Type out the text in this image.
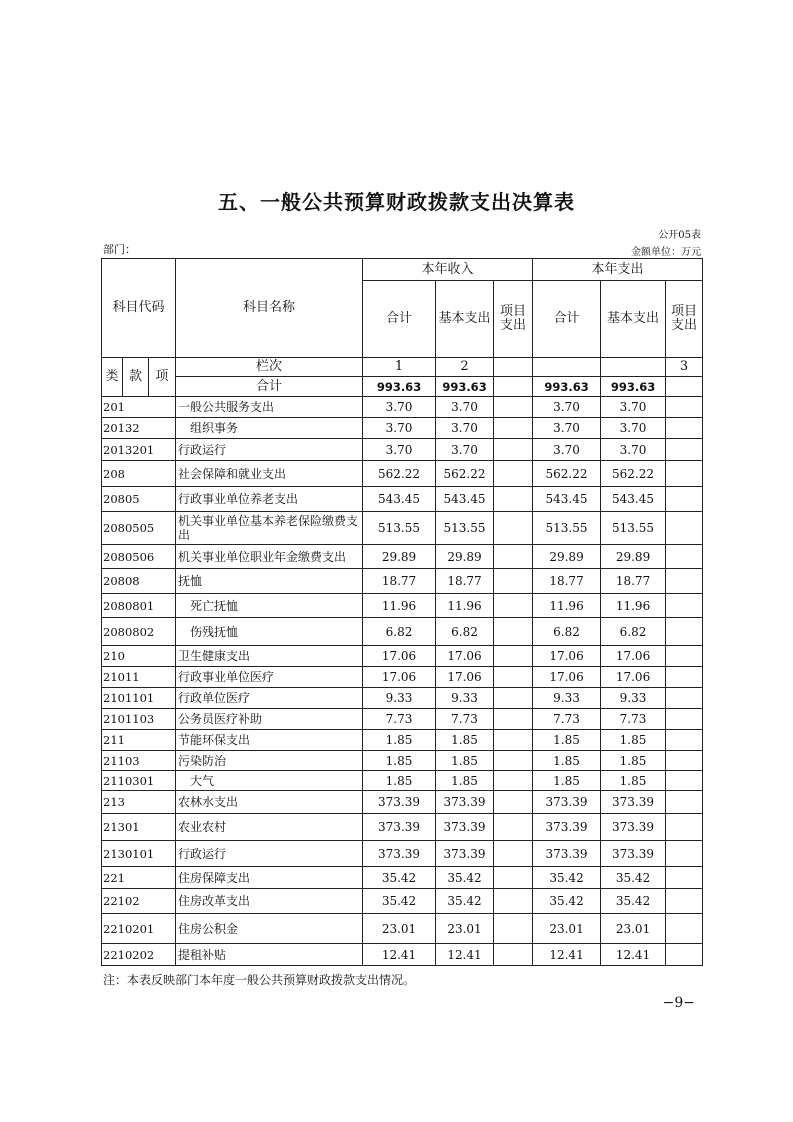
五、一般公共预算财政拨款支出决算表
公开05表
部门：	金额单位：万元
科目代码			科目名称	本年收入			本年支出		
				合计	基本支出	项目支出	合计	基本支出	项目支出
类	款	项	栏次	1	2				3
			合计	993.63	993.63		993.63	993.63	
201			一般公共服务支出	3.70	3.70		3.70	3.70	
20132			　组织事务	3.70	3.70		3.70	3.70	
2013201			行政运行	3.70	3.70		3.70	3.70	
208			社会保障和就业支出	562.22	562.22		562.22	562.22	
20805			行政事业单位养老支出	543.45	543.45		543.45	543.45	
2080505			机关事业单位基本养老保险缴费支出	513.55	513.55		513.55	513.55	
2080506			机关事业单位职业年金缴费支出	29.89	29.89		29.89	29.89	
20808			抚恤	18.77	18.77		18.77	18.77	
2080801			　死亡抚恤	11.96	11.96		11.96	11.96	
2080802			　伤残抚恤	6.82	6.82		6.82	6.82	
210			卫生健康支出	17.06	17.06		17.06	17.06	
21011			行政事业单位医疗	17.06	17.06		17.06	17.06	
2101101			行政单位医疗	9.33	9.33		9.33	9.33	
2101103			公务员医疗补助	7.73	7.73		7.73	7.73	
211			节能环保支出	1.85	1.85		1.85	1.85	
21103			污染防治	1.85	1.85		1.85	1.85	
2110301			　大气	1.85	1.85		1.85	1.85	
213			农林水支出	373.39	373.39		373.39	373.39	
21301			农业农村	373.39	373.39		373.39	373.39	
2130101			行政运行	373.39	373.39		373.39	373.39	
221			住房保障支出	35.42	35.42		35.42	35.42	
22102			住房改革支出	35.42	35.42		35.42	35.42	
2210201			住房公积金	23.01	23.01		23.01	23.01	
2210202			提租补贴	12.41	12.41		12.41	12.41	
注：本表反映部门本年度一般公共预算财政拨款支出情况。
−9−
